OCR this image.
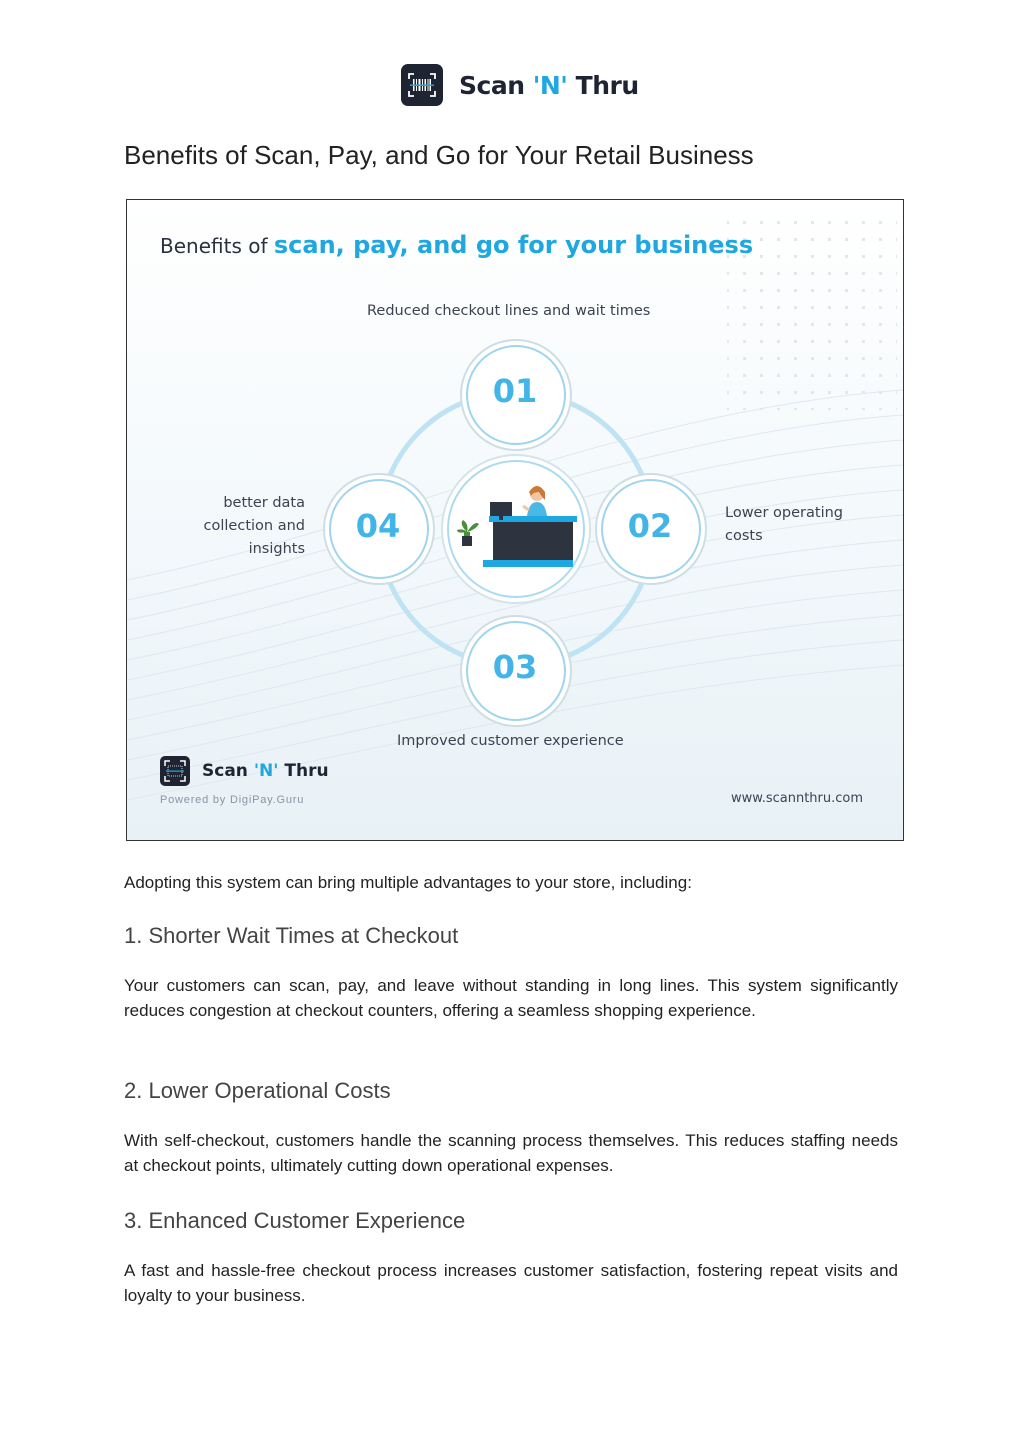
Scan 'N' Thru
Benefits of Scan, Pay, and Go for Your Retail Business
Benefits of scan, pay, and go for your business
Reduced checkout lines and wait times
01
Lower operating
costs
02
03
Improved customer experience
better data
collection and
insights
04
Scan 'N' Thru
Powered by DigiPay.Guru	www.scannthru.com

Adopting this system can bring multiple advantages to your store, including:

1. Shorter Wait Times at Checkout

Your customers can scan, pay, and leave without standing in long lines. This system significantly reduces congestion at checkout counters, offering a seamless shopping experience.

2. Lower Operational Costs

With self-checkout, customers handle the scanning process themselves. This reduces staffing needs at checkout points, ultimately cutting down operational expenses.

3. Enhanced Customer Experience

A fast and hassle-free checkout process increases customer satisfaction, fostering repeat visits and loyalty to your business.
